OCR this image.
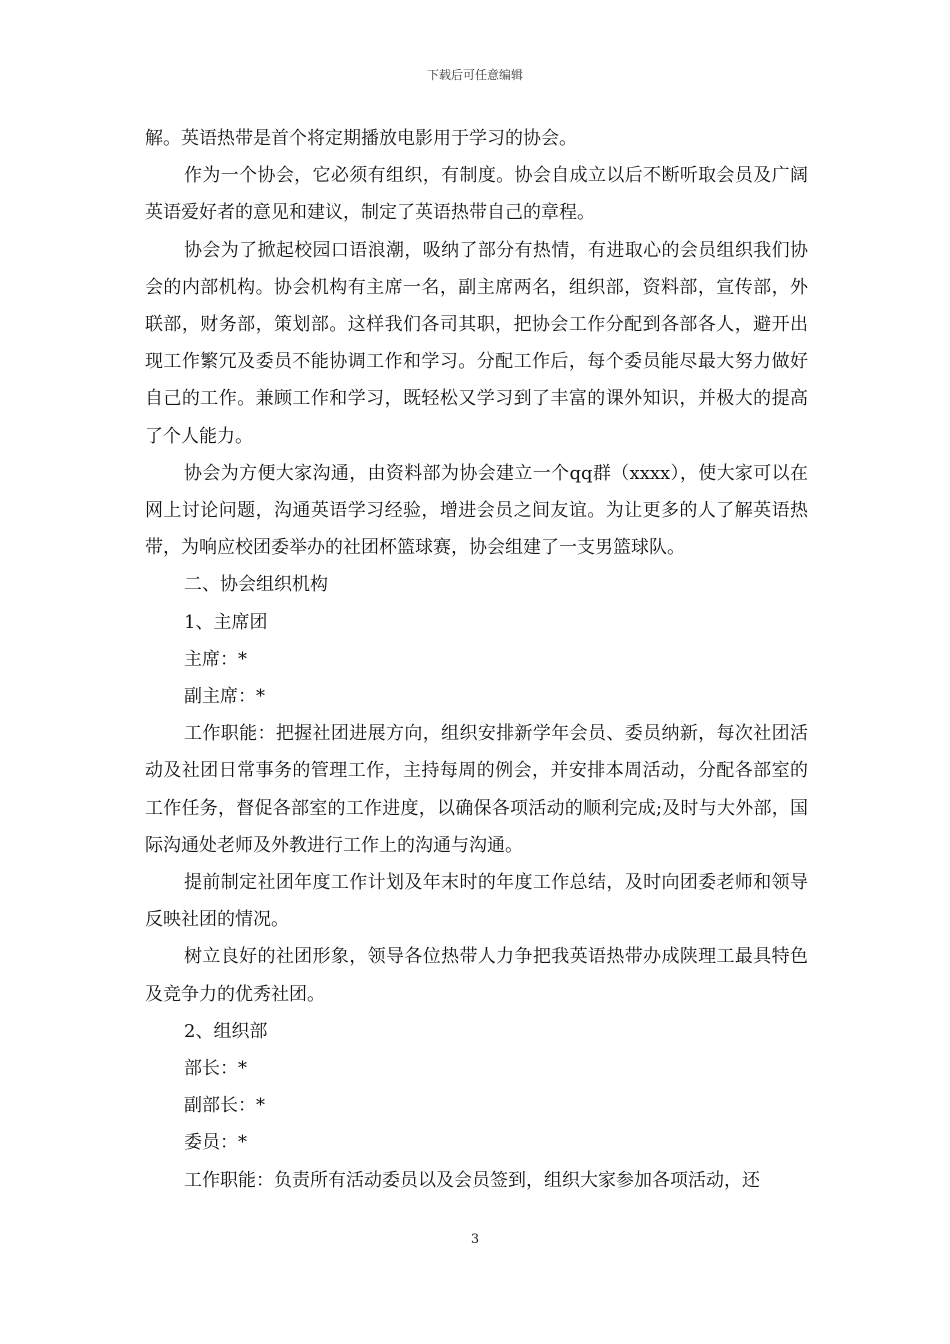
下载后可任意编辑

解。英语热带是首个将定期播放电影用于学习的协会。

作为一个协会，它必须有组织，有制度。协会自成立以后不断听取会员及广阔英语爱好者的意见和建议，制定了英语热带自己的章程。

协会为了掀起校园口语浪潮，吸纳了部分有热情，有进取心的会员组织我们协会的内部机构。协会机构有主席一名，副主席两名，组织部，资料部，宣传部，外联部，财务部，策划部。这样我们各司其职，把协会工作分配到各部各人，避开出现工作繁冗及委员不能协调工作和学习。分配工作后，每个委员能尽最大努力做好自己的工作。兼顾工作和学习，既轻松又学习到了丰富的课外知识，并极大的提高了个人能力。

协会为方便大家沟通，由资料部为协会建立一个qq群（xxxx），使大家可以在网上讨论问题，沟通英语学习经验，增进会员之间友谊。为让更多的人了解英语热带，为响应校团委举办的社团杯篮球赛，协会组建了一支男篮球队。

二、协会组织机构

1、主席团

主席：*

副主席：*

工作职能：把握社团进展方向，组织安排新学年会员、委员纳新，每次社团活动及社团日常事务的管理工作，主持每周的例会，并安排本周活动，分配各部室的工作任务，督促各部室的工作进度，以确保各项活动的顺利完成;及时与大外部，国际沟通处老师及外教进行工作上的沟通与沟通。

提前制定社团年度工作计划及年末时的年度工作总结，及时向团委老师和领导反映社团的情况。

树立良好的社团形象，领导各位热带人力争把我英语热带办成陕理工最具特色及竞争力的优秀社团。

2、组织部

部长：*

副部长：*

委员：*

工作职能：负责所有活动委员以及会员签到，组织大家参加各项活动，还

3
